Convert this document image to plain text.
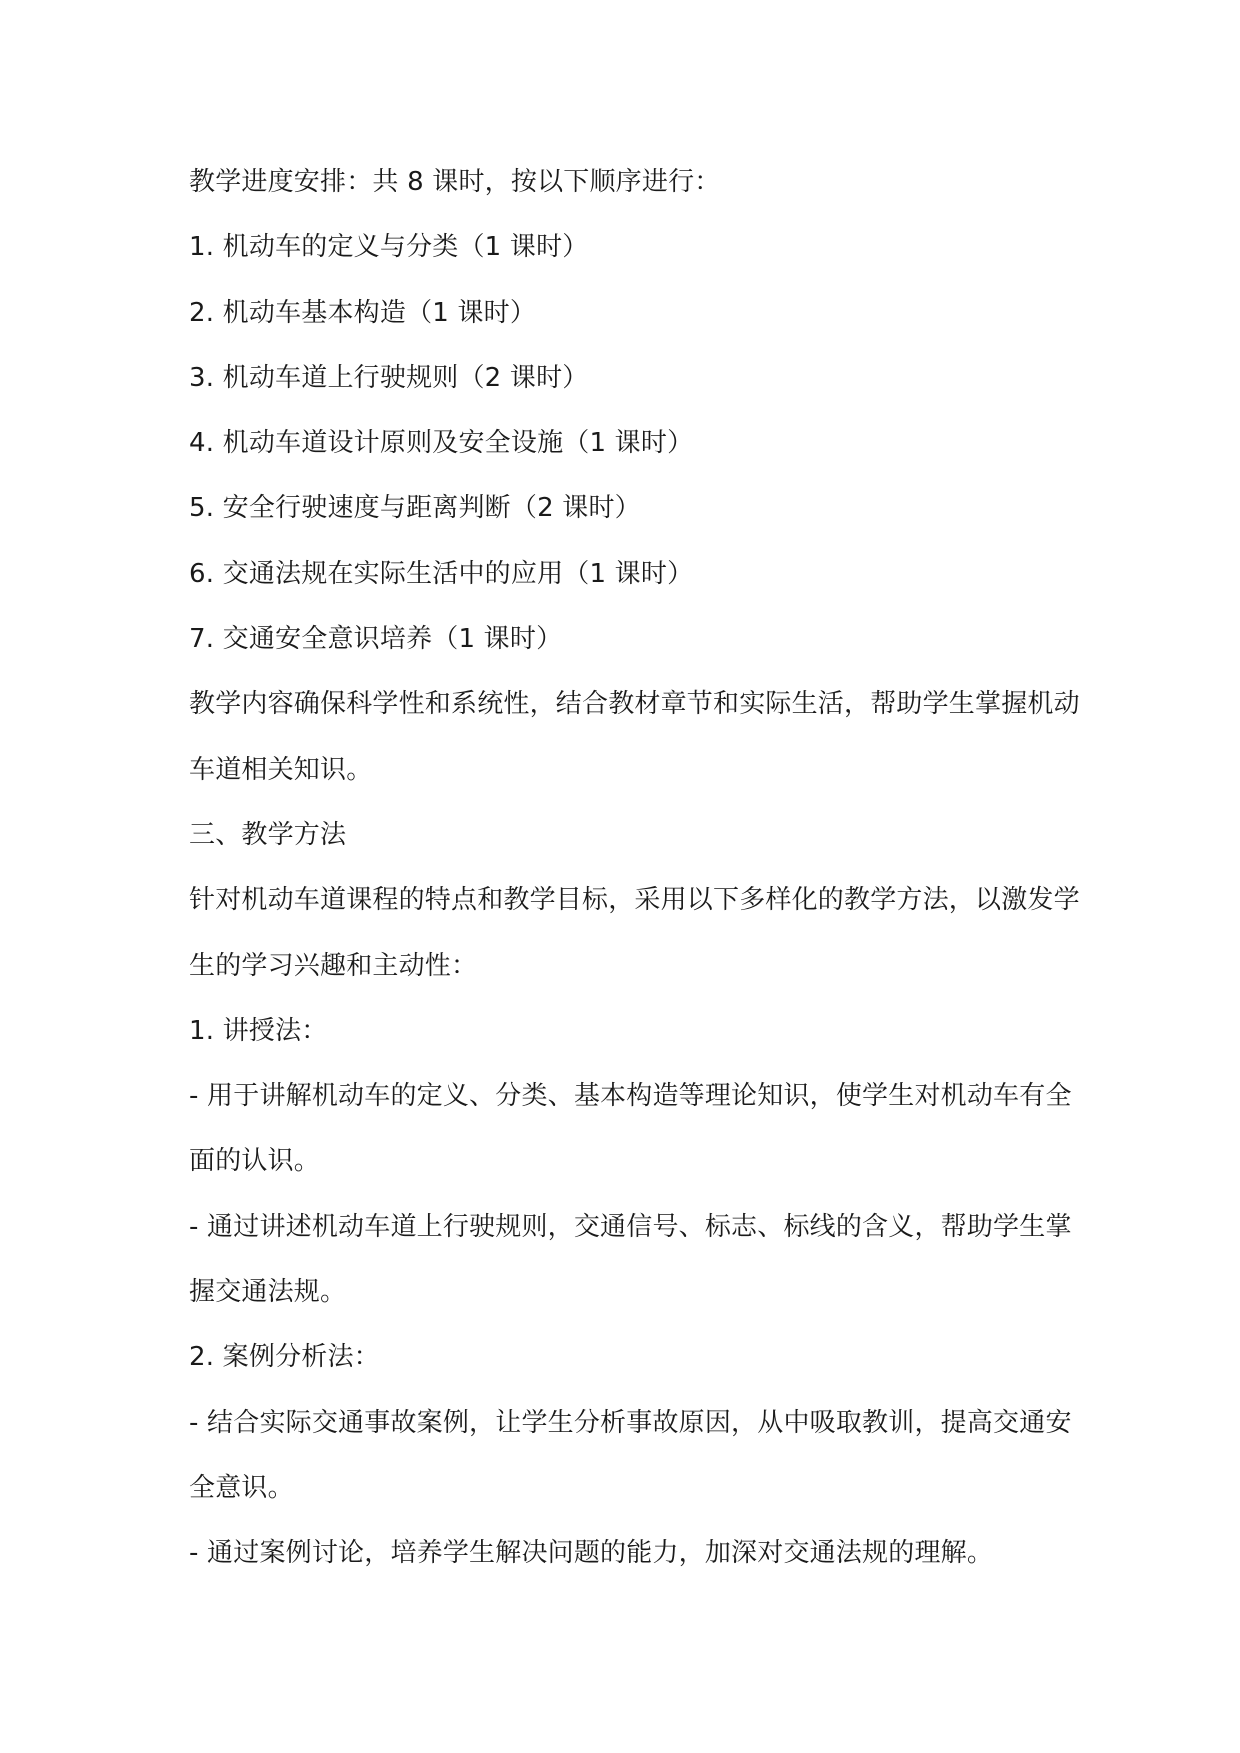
教学进度安排：共 8 课时，按以下顺序进行：
1. 机动车的定义与分类（1 课时）
2. 机动车基本构造（1 课时）
3. 机动车道上行驶规则（2 课时）
4. 机动车道设计原则及安全设施（1 课时）
5. 安全行驶速度与距离判断（2 课时）
6. 交通法规在实际生活中的应用（1 课时）
7. 交通安全意识培养（1 课时）
教学内容确保科学性和系统性，结合教材章节和实际生活，帮助学生掌握机动
车道相关知识。
三、教学方法
针对机动车道课程的特点和教学目标，采用以下多样化的教学方法，以激发学
生的学习兴趣和主动性：
1. 讲授法：
- 用于讲解机动车的定义、分类、基本构造等理论知识，使学生对机动车有全
面的认识。
- 通过讲述机动车道上行驶规则，交通信号、标志、标线的含义，帮助学生掌
握交通法规。
2. 案例分析法：
- 结合实际交通事故案例，让学生分析事故原因，从中吸取教训，提高交通安
全意识。
- 通过案例讨论，培养学生解决问题的能力，加深对交通法规的理解。
